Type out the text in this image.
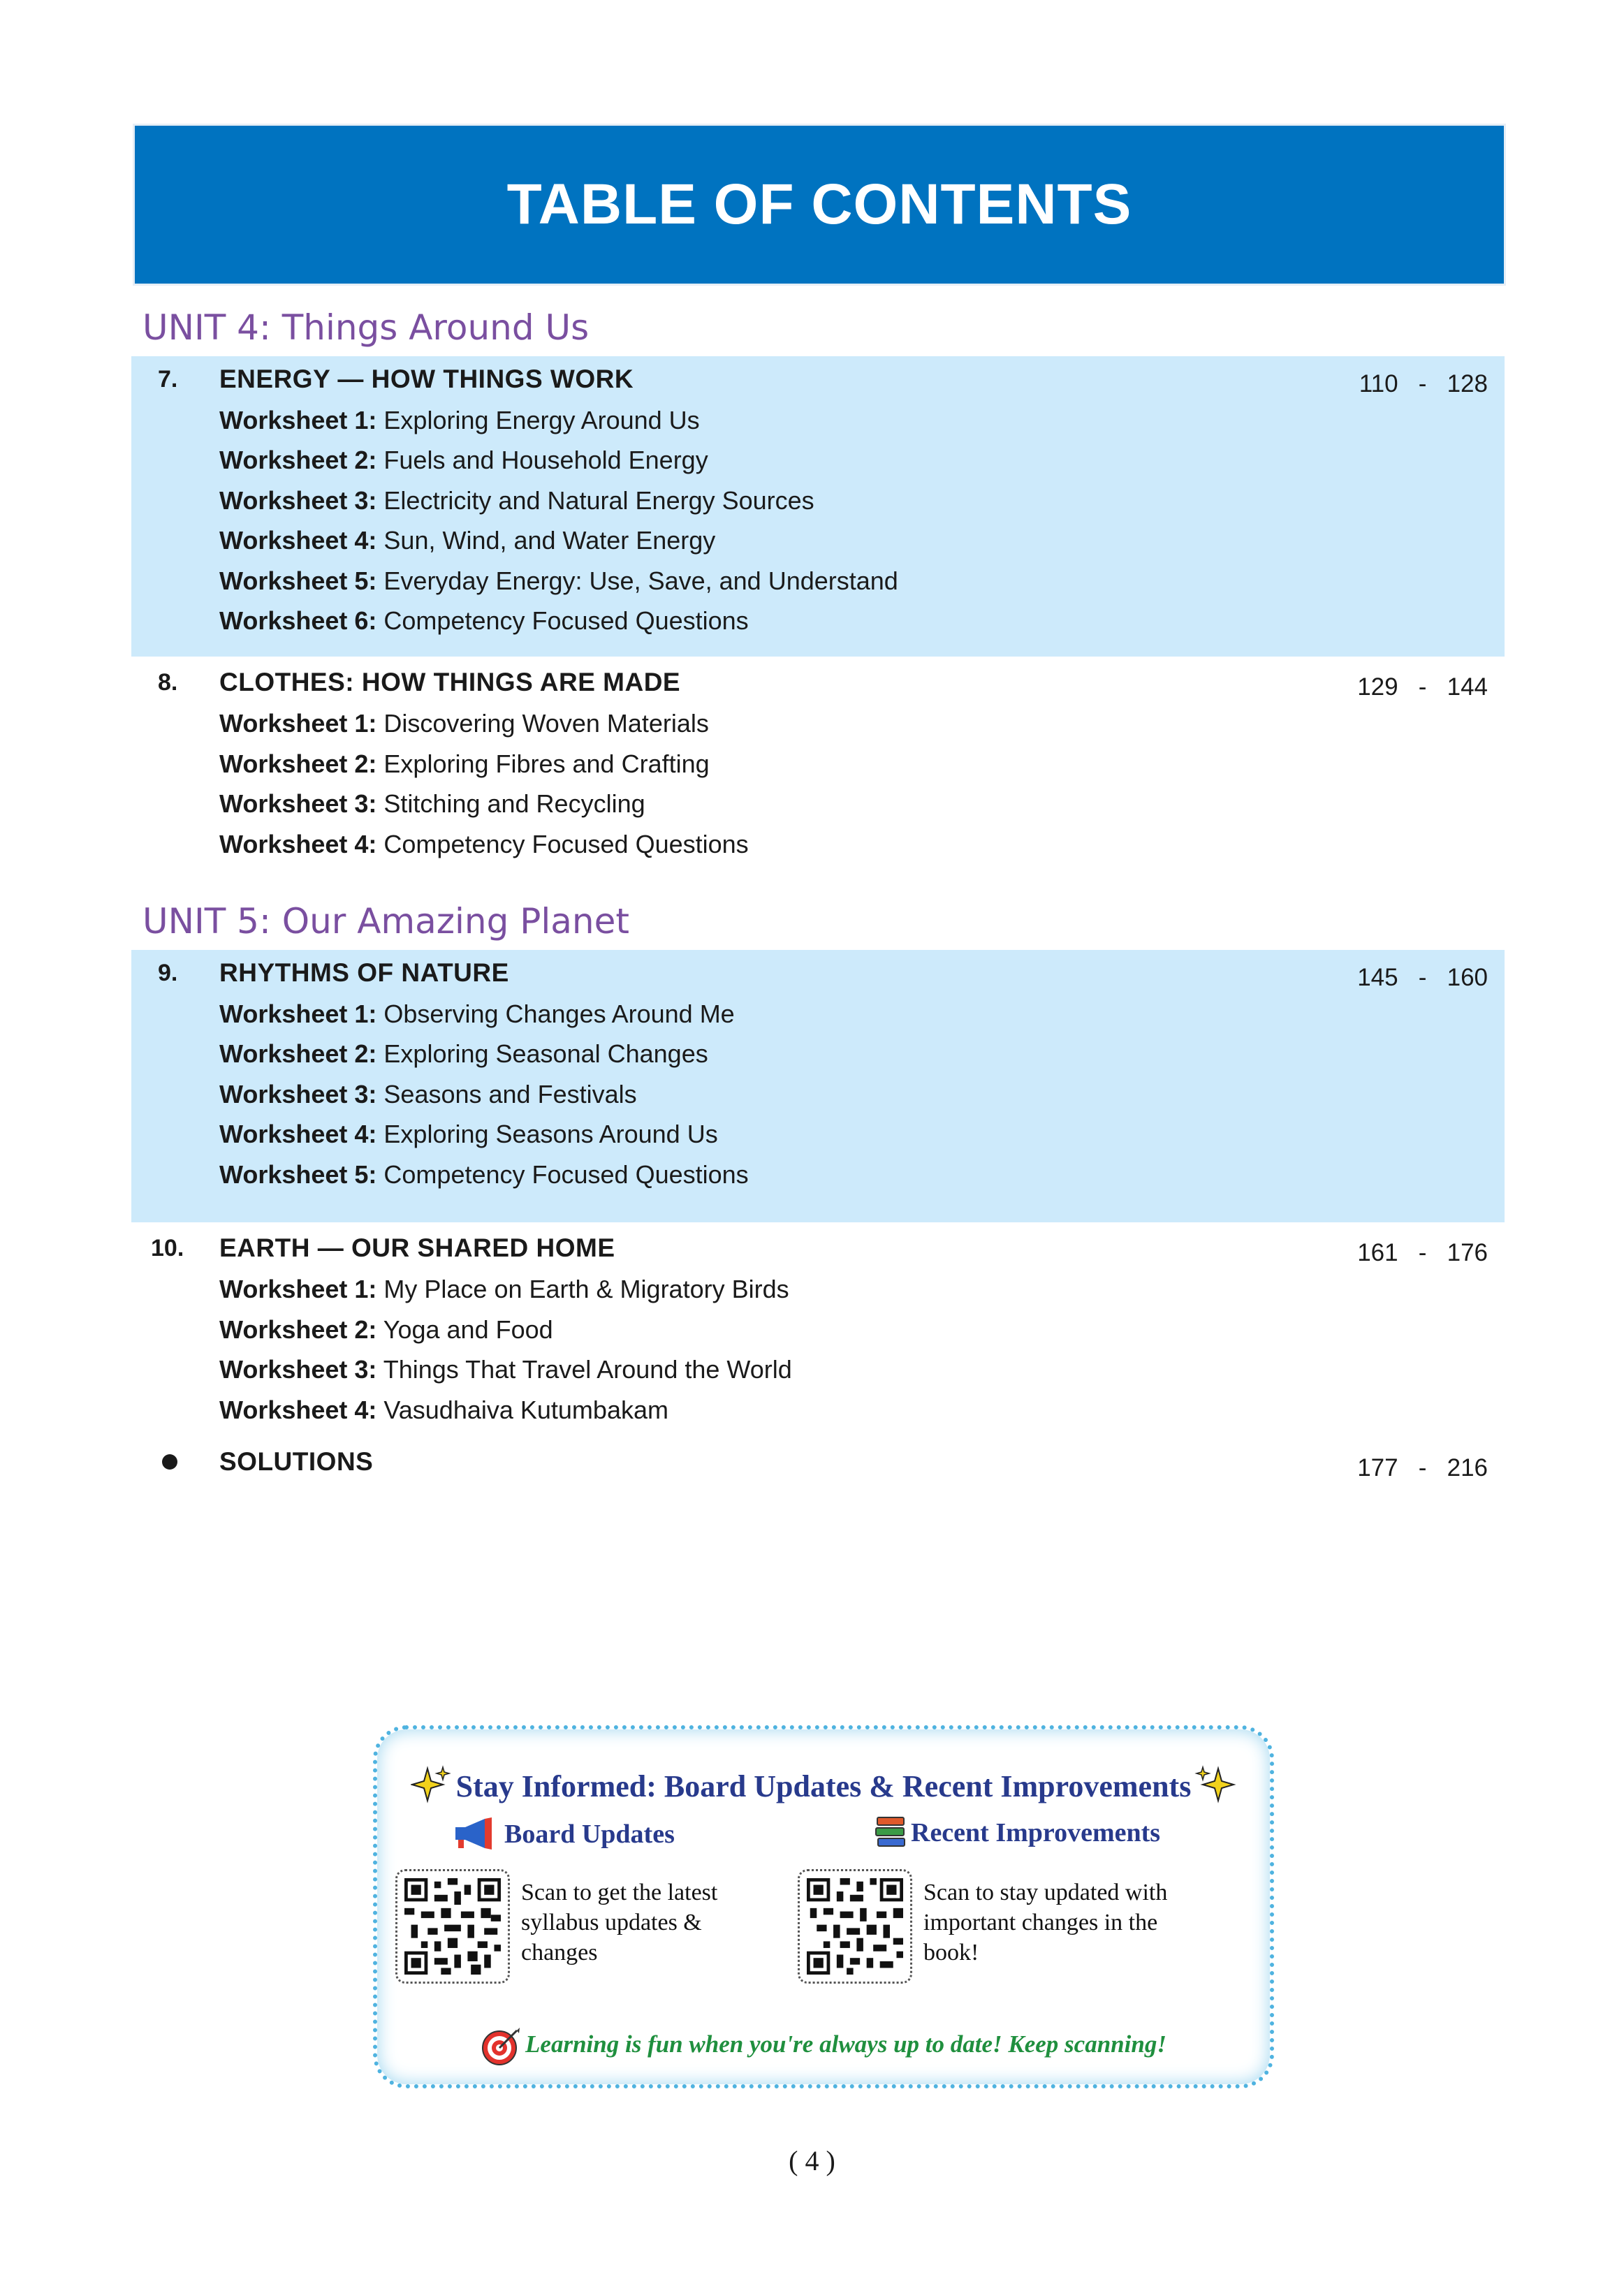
TABLE OF CONTENTS
UNIT 4: Things Around Us
7. ENERGY — HOW THINGS WORK	110   -   128
Worksheet 1: Exploring Energy Around Us
Worksheet 2: Fuels and Household Energy
Worksheet 3: Electricity and Natural Energy Sources
Worksheet 4: Sun, Wind, and Water Energy
Worksheet 5: Everyday Energy: Use, Save, and Understand
Worksheet 6: Competency Focused Questions
8. CLOTHES: HOW THINGS ARE MADE	129   -   144
Worksheet 1: Discovering Woven Materials
Worksheet 2: Exploring Fibres and Crafting
Worksheet 3: Stitching and Recycling
Worksheet 4: Competency Focused Questions
UNIT 5: Our Amazing Planet
9. RHYTHMS OF NATURE	145   -   160
Worksheet 1: Observing Changes Around Me
Worksheet 2: Exploring Seasonal Changes
Worksheet 3: Seasons and Festivals
Worksheet 4: Exploring Seasons Around Us
Worksheet 5: Competency Focused Questions
10. EARTH — OUR SHARED HOME	161   -   176
Worksheet 1: My Place on Earth & Migratory Birds
Worksheet 2: Yoga and Food
Worksheet 3: Things That Travel Around the World
Worksheet 4: Vasudhaiva Kutumbakam
SOLUTIONS	177   -   216
Stay Informed: Board Updates & Recent Improvements
Board Updates
Scan to get the latest
syllabus updates &
changes
Recent Improvements
Scan to stay updated with
important changes in the
book!
Learning is fun when you're always up to date! Keep scanning!
( 4 )
